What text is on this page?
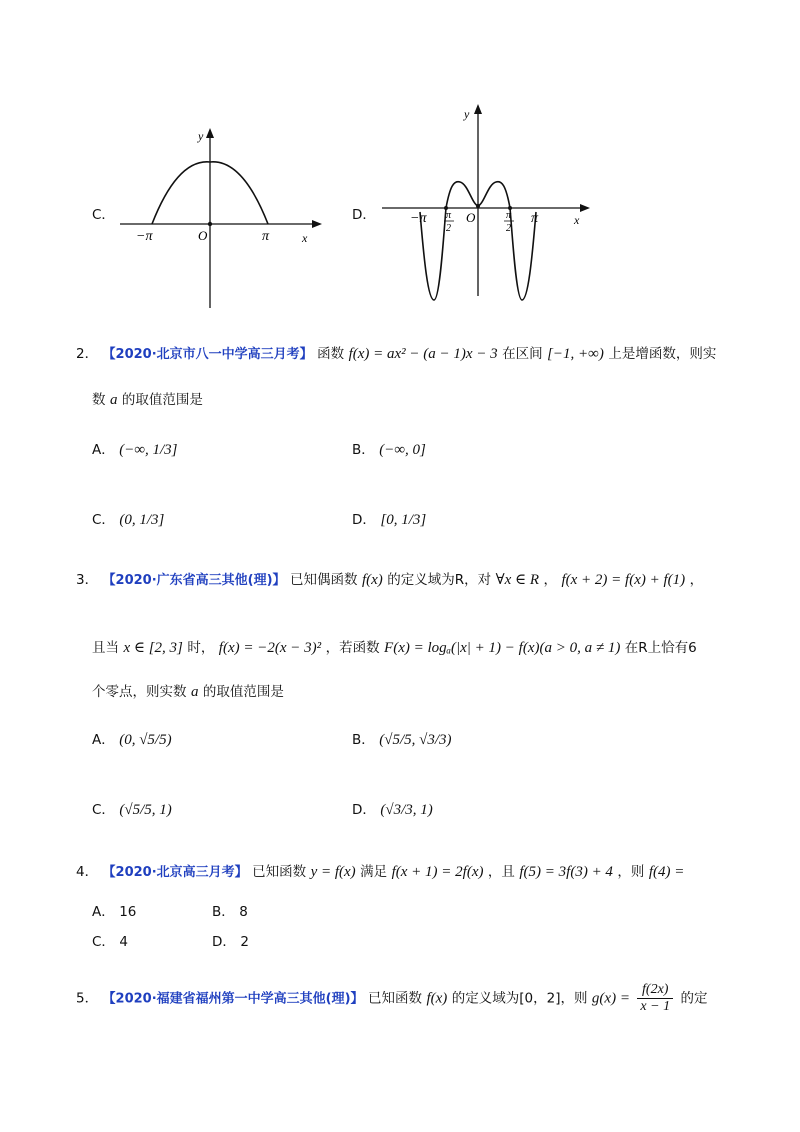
C．
y
x
O
−π	π
D．
y
x
O
−π	π
π
2
π
2
2． 【2020·北京市八一中学高三月考】 函数 f(x) = ax² − (a − 1)x − 3 在区间 [−1, +∞) 上是增函数，则实
数 a 的取值范围是
A． (−∞, 1/3]	B． (−∞, 0]
C． (0, 1/3]	D． [0, 1/3]
3． 【2020·广东省高三其他(理)】 已知偶函数 f(x) 的定义域为R，对 ∀x ∈ R ， f(x + 2) = f(x) + f(1) ，
且当 x ∈ [2, 3] 时， f(x) = −2(x − 3)² ，若函数 F(x) = logₐ(|x| + 1) − f(x)(a > 0, a ≠ 1) 在R上恰有6
个零点，则实数 a 的取值范围是
A． (0, √5/5)	B． (√5/5, √3/3)
C． (√5/5, 1)	D． (√3/3, 1)
4． 【2020·北京高三月考】 已知函数 y = f(x) 满足 f(x + 1) = 2f(x) ，且 f(5) = 3f(3) + 4 ，则 f(4) =
A． 16	B． 8
C． 4	D． 2
5． 【2020·福建省福州第一中学高三其他(理)】 已知函数 f(x) 的定义域为[0，2]，则 $g(x) = \frac{f(2x)}{x - 1}$ 的定
